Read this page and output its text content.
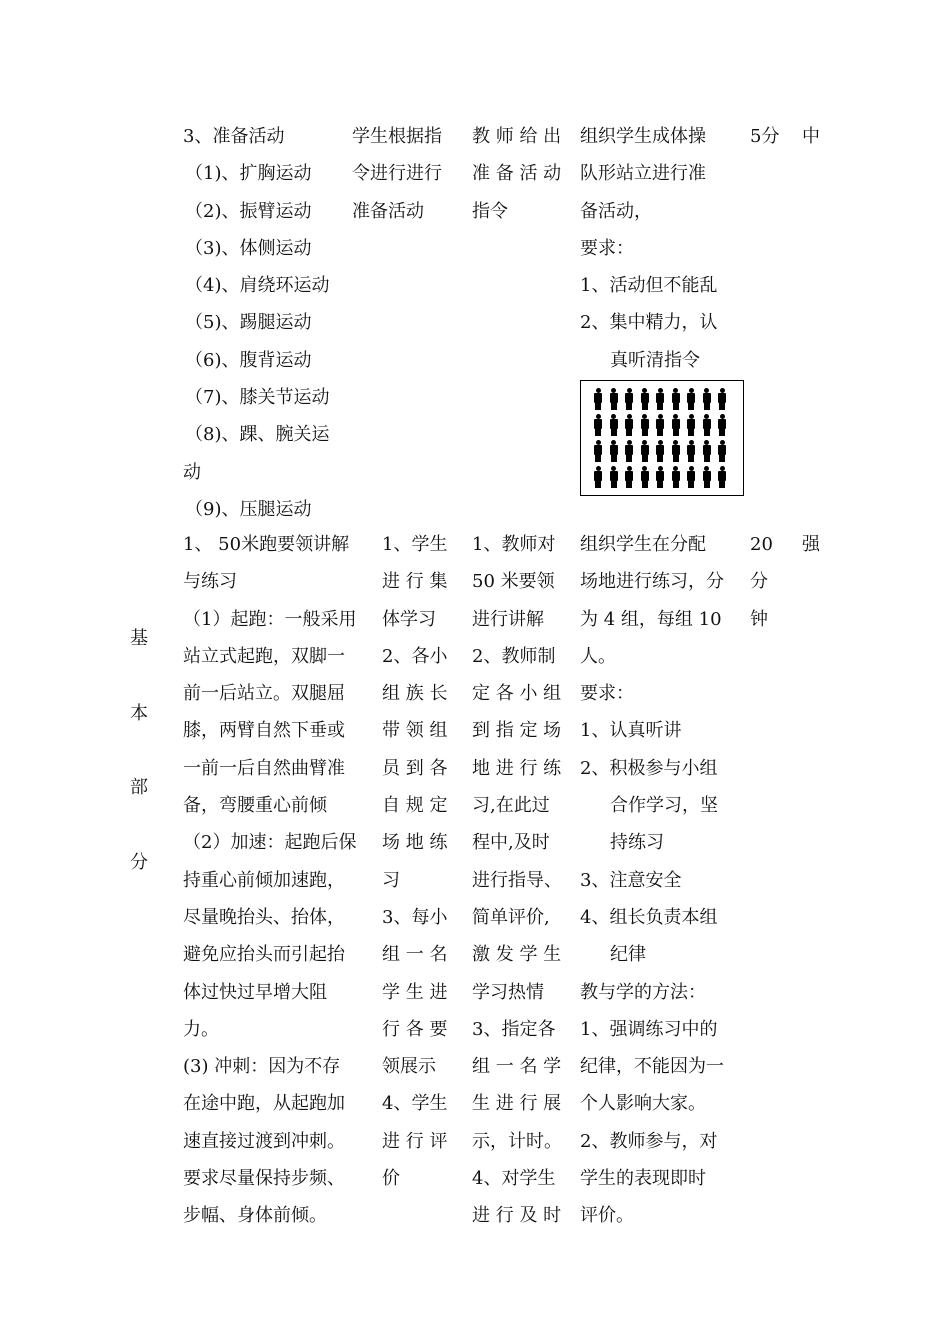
基
本
部
分
3、准备活动
（1)、扩胸运动
（2)、振臂运动
（3)、体侧运动
（4)、肩绕环运动
（5)、踢腿运动
（6)、腹背运动
（7)、膝关节运动
（8)、踝、腕关运
动
（9)、压腿运动
学生根据指
令进行进行
准备活动
教 师 给 出
准 备 活 动
指令
组织学生成体操
队形站立进行准
备活动，
要求：
1、活动但不能乱
2、集中精力，认
真听清指令
5分	中
1、 50米跑要领讲解
与练习
（1）起跑：一般采用
站立式起跑，双脚一
前一后站立。双腿屈
膝，两臂自然下垂或
一前一后自然曲臂准
备，弯腰重心前倾
（2）加速：起跑后保
持重心前倾加速跑，
尽量晚抬头、抬体，
避免应抬头而引起抬
体过快过早增大阻
力。
(3) 冲刺：因为不存
在途中跑，从起跑加
速直接过渡到冲刺。
要求尽量保持步频、
步幅、身体前倾。
1、学生
进 行 集
体学习
2、各小
组 族 长
带 领 组
员 到 各
自 规 定
场 地 练
习
3、每小
组 一 名
学 生 进
行 各 要
领展示
4、学生
进 行 评
价
1、教师对
50 米要领
进行讲解
2、教师制
定 各 小 组
到 指 定 场
地 进 行 练
习,在此过
程中,及时
进行指导、
简单评价,
激 发 学 生
学习热情
3、指定各
组 一 名 学
生 进 行 展
示，计时。
4、对学生
进 行 及 时
组织学生在分配
场地进行练习，分
为 4 组，每组 10
人。
要求：
1、认真听讲
2、积极参与小组
合作学习，坚
持练习
3、注意安全
4、组长负责本组
纪律
教与学的方法：
1、强调练习中的
纪律，不能因为一
个人影响大家。
2、教师参与，对
学生的表现即时
评价。
20
分
钟
强
